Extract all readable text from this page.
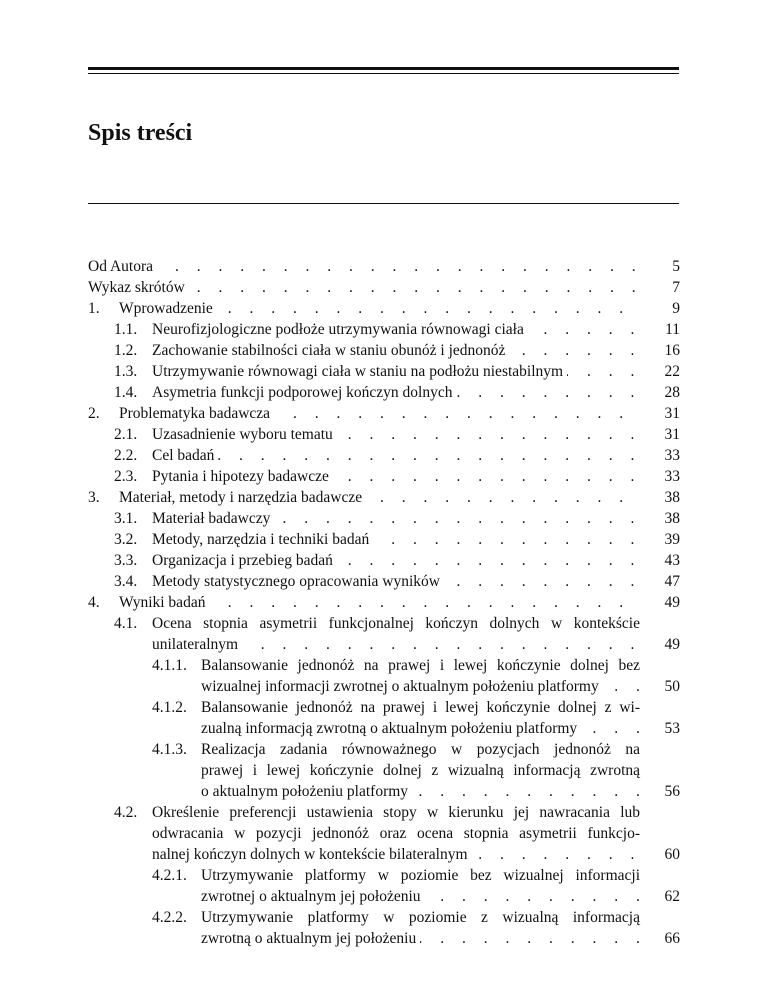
Spis treści
. . .
Od Autora	5
. . .
Wykaz skrótów	7
1. . . . Wprowadzenie	9
1.1. . . . Neurofizjologiczne podłoże utrzymywania równowagi ciała	11
1.2. . . . Zachowanie stabilności ciała w staniu obunóż i jednonóż	16
1.3. . . . Utrzymywanie równowagi ciała w staniu na podłożu niestabilnym	22
1.4. . . . Asymetria funkcji podporowej kończyn dolnych	28
2. . . . Problematyka badawcza	31
2.1. . . . Uzasadnienie wyboru tematu	31
2.2. . . . Cel badań	33
2.3. . . . Pytania i hipotezy badawcze	33
3. . . . Materiał, metody i narzędzia badawcze	38
3.1. . . . Materiał badawczy	38
3.2. . . . Metody, narzędzia i techniki badań	39
3.3. . . . Organizacja i przebieg badań	43
3.4. . . . Metody statystycznego opracowania wyników	47
4. . . . Wyniki badań	49
4.1. Ocena stopnia asymetrii funkcjonalnej kończyn dolnych w kontekście
. . .
unilateralnym	49
4.1.1. Balansowanie jednonóż na prawej i lewej kończynie dolnej bez
. . .
wizualnej informacji zwrotnej o aktualnym położeniu platformy	50
4.1.2. Balansowanie jednonóż na prawej i lewej kończynie dolnej z wi-
. . .
zualną informacją zwrotną o aktualnym położeniu platformy	53
4.1.3. Realizacja zadania równoważnego w pozycjach jednonóż na
prawej i lewej kończynie dolnej z wizualną informacją zwrotną
. . .
o aktualnym położeniu platformy	56
4.2. Określenie preferencji ustawienia stopy w kierunku jej nawracania lub
odwracania w pozycji jednonóż oraz ocena stopnia asymetrii funkcjo-
. . .
nalnej kończyn dolnych w kontekście bilateralnym	60
4.2.1. Utrzymywanie platformy w poziomie bez wizualnej informacji
. . .
zwrotnej o aktualnym jej położeniu	62
4.2.2. Utrzymywanie platformy w poziomie z wizualną informacją
. . .
zwrotną o aktualnym jej położeniu	66
